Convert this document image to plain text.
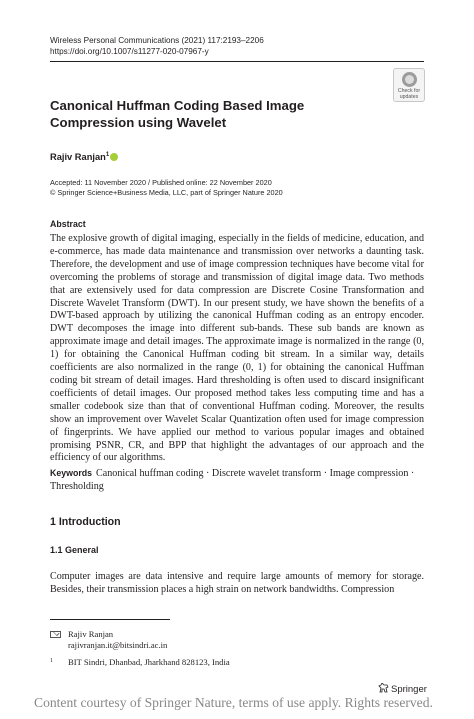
Wireless Personal Communications (2021) 117:2193–2206
https://doi.org/10.1007/s11277-020-07967-y
Check for
updates
Canonical Huffman Coding Based Image Compression using Wavelet
Rajiv Ranjan$^1$
Accepted: 11 November 2020 / Published online: 22 November 2020
© Springer Science+Business Media, LLC, part of Springer Nature 2020
Abstract
The explosive growth of digital imaging, especially in the fields of medicine, education, and e-commerce, has made data maintenance and transmission over networks a daunting task. Therefore, the development and use of image compression techniques have become vital for overcoming the problems of storage and transmission of digital image data. Two methods that are extensively used for data compression are Discrete Cosine Transformation and Discrete Wavelet Transform (DWT). In our present study, we have shown the benefits of a DWT-based approach by utilizing the canonical Huffman coding as an entropy encoder. DWT decomposes the image into different sub-bands. These sub bands are known as approximate image and detail images. The approximate image is normalized in the range (0, 1) for obtaining the Canonical Huffman coding bit stream. In a similar way, details coefficients are also normalized in the range (0, 1) for obtaining the canonical Huffman coding bit stream of detail images. Hard thresholding is often used to discard insignificant coefficients of detail images. Our proposed method takes less computing time and has a smaller codebook size than that of conventional Huffman coding. Moreover, the results show an improvement over Wavelet Scalar Quantization often used for image compression of fingerprints. We have applied our method to various popular images and obtained promising PSNR, CR, and BPP that highlight the advantages of our approach and the efficiency of our algorithms.
Keywords Canonical huffman coding · Discrete wavelet transform · Image compression · Thresholding
1 Introduction
1.1 General
Computer images are data intensive and require large amounts of memory for storage. Besides, their transmission places a high strain on network bandwidths. Compression
Rajiv Ranjan
rajivranjan.it@bitsindri.ac.in
1 BIT Sindri, Dhanbad, Jharkhand 828123, India
Springer
Content courtesy of Springer Nature, terms of use apply. Rights reserved.
